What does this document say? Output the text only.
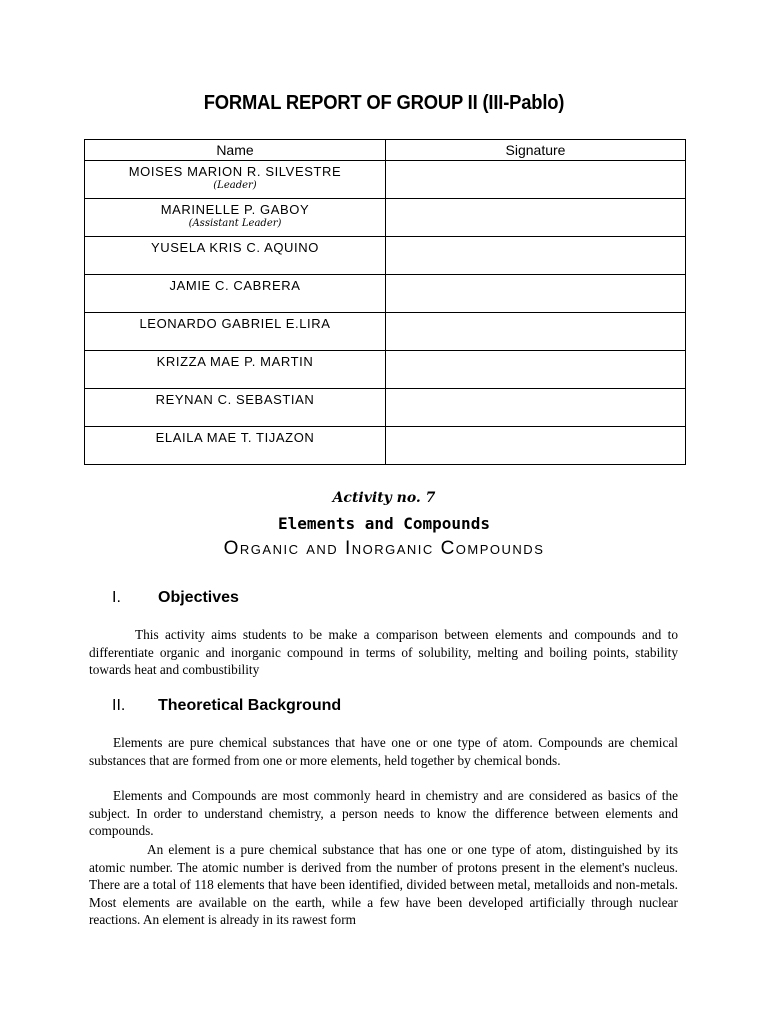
FORMAL REPORT OF GROUP II (III-Pablo)
Name	Signature

MOISES MARION R. SILVESTRE
(Leader)	

MARINELLE P. GABOY
(Assistant Leader)	

YUSELA KRIS C. AQUINO	

JAMIE C. CABRERA	

LEONARDO GABRIEL E.LIRA	

KRIZZA MAE P. MARTIN	

REYNAN C. SEBASTIAN	

ELAILA MAE T. TIJAZON	

Activity no. 7
Elements and Compounds
Organic and Inorganic Compounds
I. Objectives

This activity aims students to be make a comparison between elements and compounds and to differentiate organic and inorganic compound in terms of solubility, melting and boiling points, stability towards heat and combustibility

II. Theoretical Background

Elements are pure chemical substances that have one or one type of atom. Compounds are chemical substances that are formed from one or more elements, held together by chemical bonds.

Elements and Compounds are most commonly heard in chemistry and are considered as basics of the subject. In order to understand chemistry, a person needs to know the difference between elements and compounds.

An element is a pure chemical substance that has one or one type of atom, distinguished by its atomic number. The atomic number is derived from the number of protons present in the element's nucleus. There are a total of 118 elements that have been identified, divided between metal, metalloids and non-metals. Most elements are available on the earth, while a few have been developed artificially through nuclear reactions. An element is already in its rawest form
